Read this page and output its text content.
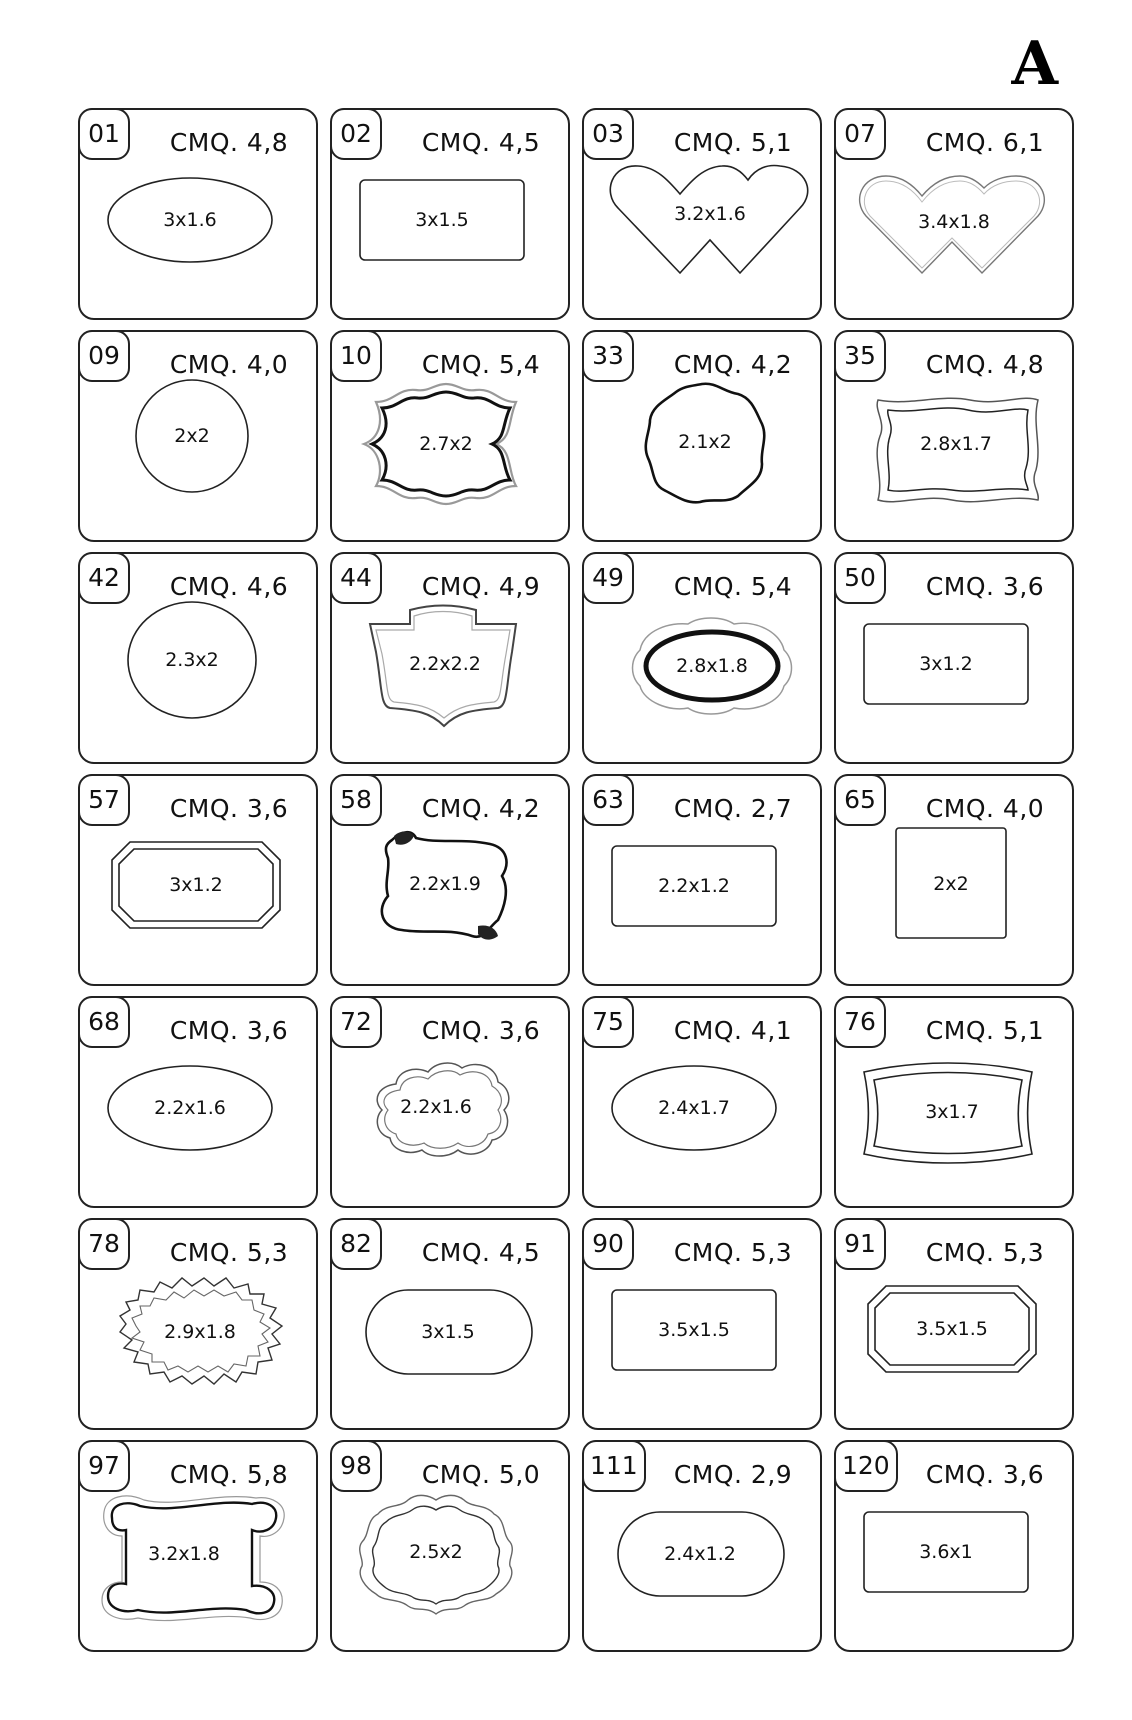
A
01	CMQ. 4,8
3x1.6
02	CMQ. 4,5
3x1.5
03	CMQ. 5,1
3.2x1.6
07	CMQ. 6,1
3.4x1.8
09	CMQ. 4,0
2x2
10	CMQ. 5,4
2.7x2
33	CMQ. 4,2
2.1x2
35	CMQ. 4,8
2.8x1.7
42	CMQ. 4,6
2.3x2
44	CMQ. 4,9
2.2x2.2
49	CMQ. 5,4
2.8x1.8
50	CMQ. 3,6
3x1.2
57	CMQ. 3,6
3x1.2
58	CMQ. 4,2
2.2x1.9
63	CMQ. 2,7
2.2x1.2
65	CMQ. 4,0
2x2
68	CMQ. 3,6
2.2x1.6
72	CMQ. 3,6
2.2x1.6
75	CMQ. 4,1
2.4x1.7
76	CMQ. 5,1
3x1.7
78	CMQ. 5,3
2.9x1.8
82	CMQ. 4,5
3x1.5
90	CMQ. 5,3
3.5x1.5
91	CMQ. 5,3
3.5x1.5
97	CMQ. 5,8
3.2x1.8
98	CMQ. 5,0
2.5x2
111	CMQ. 2,9
2.4x1.2
120	CMQ. 3,6
3.6x1
